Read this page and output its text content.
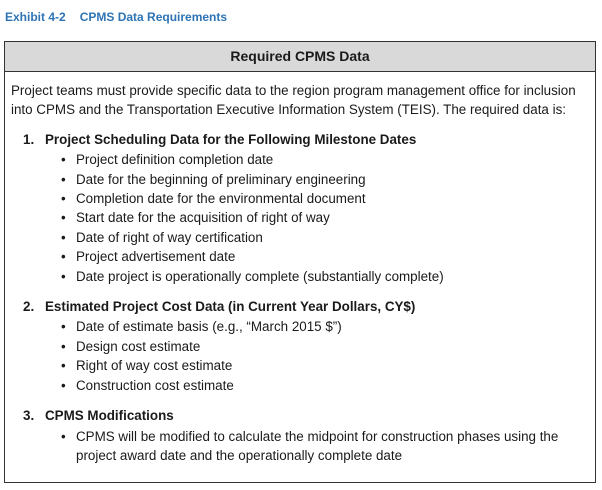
Exhibit 4-2 CPMS Data Requirements
Required CPMS Data

Project teams must provide specific data to the region program management office for inclusion into CPMS and the Transportation Executive Information System (TEIS). The required data is:

1. Project Scheduling Data for the Following Milestone Dates

• Project definition completion date
• Date for the beginning of preliminary engineering
• Completion date for the environmental document
• Start date for the acquisition of right of way
• Date of right of way certification
• Project advertisement date
• Date project is operationally complete (substantially complete)

2. Estimated Project Cost Data (in Current Year Dollars, CY$)

• Date of estimate basis (e.g., “March 2015 $”)
• Design cost estimate
• Right of way cost estimate
• Construction cost estimate

3. CPMS Modifications

• CPMS will be modified to calculate the midpoint for construction phases using the project award date and the operationally complete date
